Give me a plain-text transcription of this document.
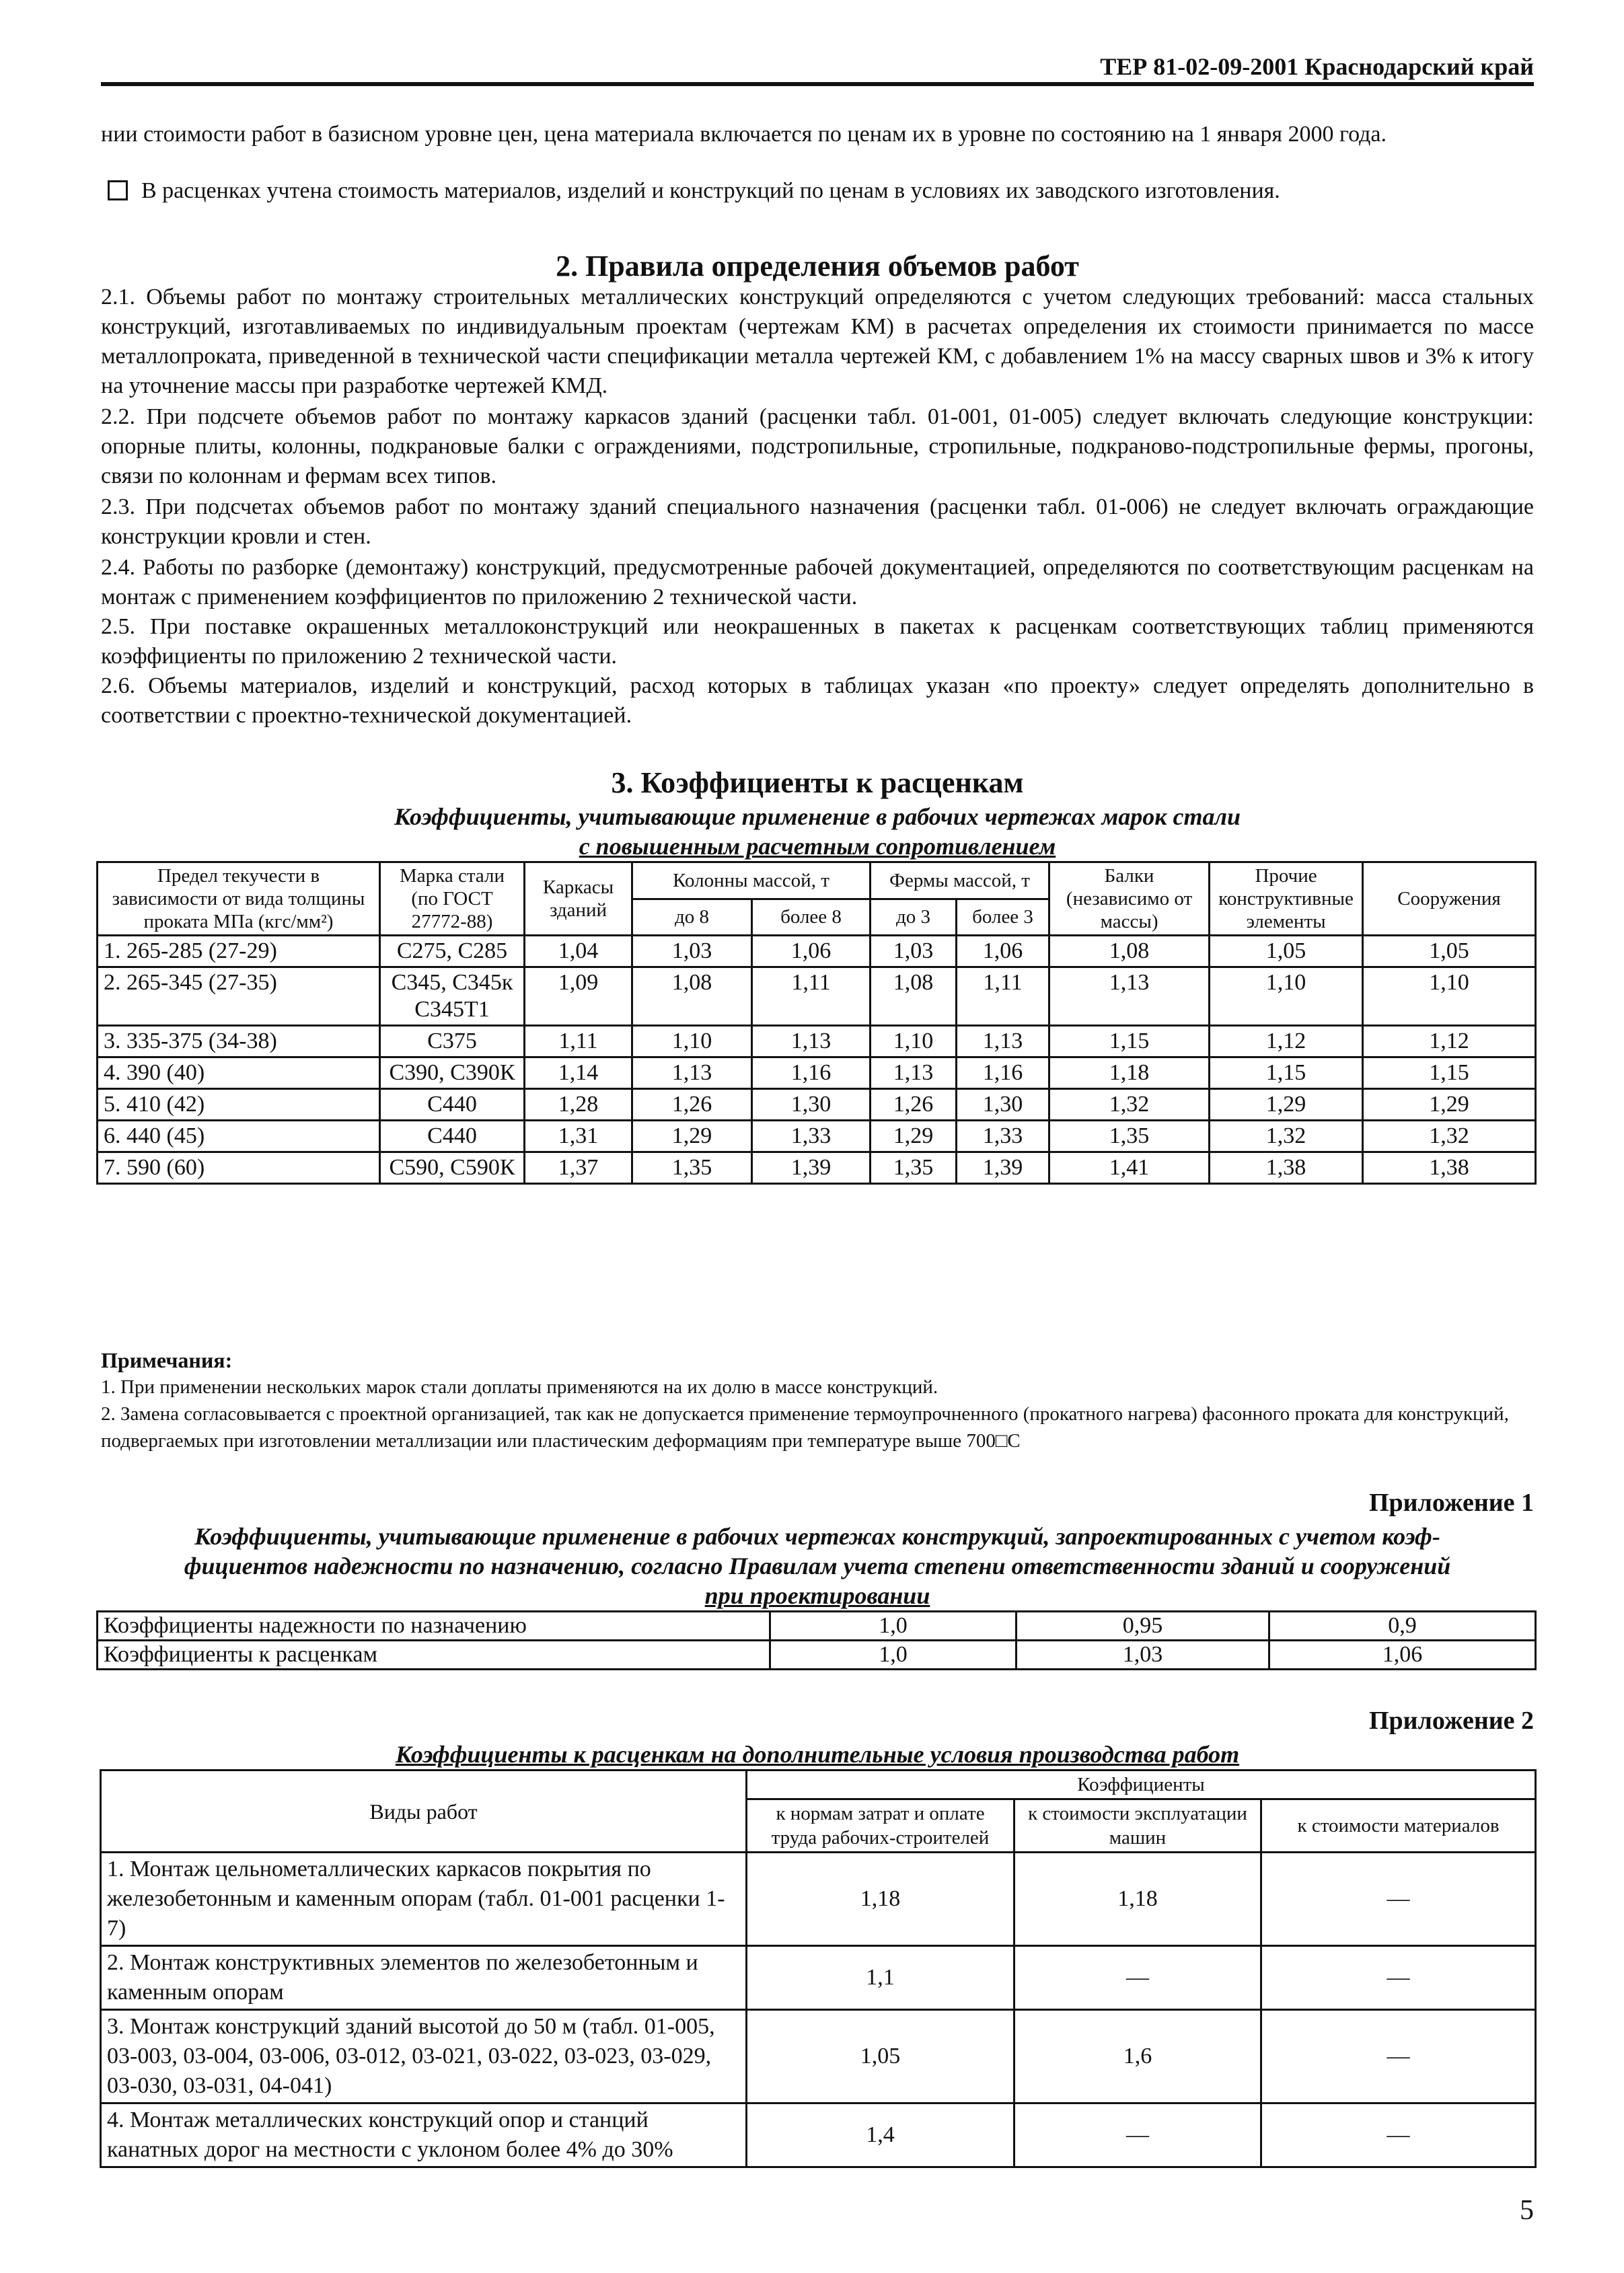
ТЕР 81-02-09-2001 Краснодарский край
нии стоимости работ в базисном уровне цен, цена материала включается по ценам их в уровне по состоянию на 1 января 2000 года.
В расценках учтена стоимость материалов, изделий и конструкций по ценам в условиях их заводского изготовления.
2. Правила определения объемов работ
2.1. Объемы работ по монтажу строительных металлических конструкций определяются с учетом следующих требований: масса стальных конструкций, изготавливаемых по индивидуальным проектам (чертежам КМ) в расчетах определения их стоимости принимается по массе металлопроката, приведенной в технической части спецификации металла чертежей КМ, с добавлением 1% на массу сварных швов и 3% к итогу на уточнение массы при разработке чертежей КМД.
2.2. При подсчете объемов работ по монтажу каркасов зданий (расценки табл. 01-001, 01-005) следует включать следующие конструкции: опорные плиты, колонны, подкрановые балки с ограждениями, подстропильные, стропильные, подкраново-подстропильные фермы, прогоны, связи по колоннам и фермам всех типов.
2.3. При подсчетах объемов работ по монтажу зданий специального назначения (расценки табл. 01-006) не следует включать ограждающие конструкции кровли и стен.
2.4. Работы по разборке (демонтажу) конструкций, предусмотренные рабочей документацией, определяются по соответствующим расценкам на монтаж с применением коэффициентов по приложению 2 технической части.
2.5. При поставке окрашенных металлоконструкций или неокрашенных в пакетах к расценкам соответствующих таблиц применяются коэффициенты по приложению 2 технической части.
2.6. Объемы материалов, изделий и конструкций, расход которых в таблицах указан «по проекту» следует определять дополнительно в соответствии с проектно-технической документацией.
3. Коэффициенты к расценкам
Коэффициенты, учитывающие применение в рабочих чертежах марок стали
с повышенным расчетным сопротивлением
Предел текучести в зависимости от вида толщины проката МПа (кгс/мм²)	Марка стали (по ГОСТ 27772-88)	Каркасы зданий	Колонны массой, т		Фермы массой, т		Балки (независимо от массы)	Прочие конструктивные элементы	Сооружения
			до 8	более 8	до 3	более 3			
1. 265-285 (27-29)	С275, С285	1,04	1,03	1,06	1,03	1,06	1,08	1,05	1,05
2. 265-345 (27-35)	С345, С345к С345Т1	1,09	1,08	1,11	1,08	1,11	1,13	1,10	1,10
3. 335-375 (34-38)	С375	1,11	1,10	1,13	1,10	1,13	1,15	1,12	1,12
4. 390 (40)	С390, С390К	1,14	1,13	1,16	1,13	1,16	1,18	1,15	1,15
5. 410 (42)	С440	1,28	1,26	1,30	1,26	1,30	1,32	1,29	1,29
6. 440 (45)	С440	1,31	1,29	1,33	1,29	1,33	1,35	1,32	1,32
7. 590 (60)	С590, С590К	1,37	1,35	1,39	1,35	1,39	1,41	1,38	1,38
Примечания:
1. При применении нескольких марок стали доплаты применяются на их долю в массе конструкций.
2. Замена согласовывается с проектной организацией, так как не допускается применение термоупрочненного (прокатного нагрева) фасонного проката для конструкций, подвергаемых при изготовлении металлизации или пластическим деформациям при температуре выше 700□С
Приложение 1
Коэффициенты, учитывающие применение в рабочих чертежах конструкций, запроектированных с учетом коэф-
фициентов надежности по назначению, согласно Правилам учета степени ответственности зданий и сооружений
при проектировании
Коэффициенты надежности по назначению	1,0	0,95	0,9
Коэффициенты к расценкам	1,0	1,03	1,06
Приложение 2
Коэффициенты к расценкам на дополнительные условия производства работ
Виды работ	Коэффициенты		
	к нормам затрат и оплате труда рабочих-строителей	к стоимости эксплуатации машин	к стоимости материалов
1. Монтаж цельнометаллических каркасов покрытия по железобетонным и каменным опорам (табл. 01-001 расценки 1-7)	1,18	1,18	—
2. Монтаж конструктивных элементов по железобетонным и каменным опорам	1,1	—	—
3. Монтаж конструкций зданий высотой до 50 м (табл. 01-005, 03-003, 03-004, 03-006, 03-012, 03-021, 03-022, 03-023, 03-029, 03-030, 03-031, 04-041)	1,05	1,6	—
4. Монтаж металлических конструкций опор и станций канатных дорог на местности с уклоном более 4% до 30%	1,4	—	—
5
